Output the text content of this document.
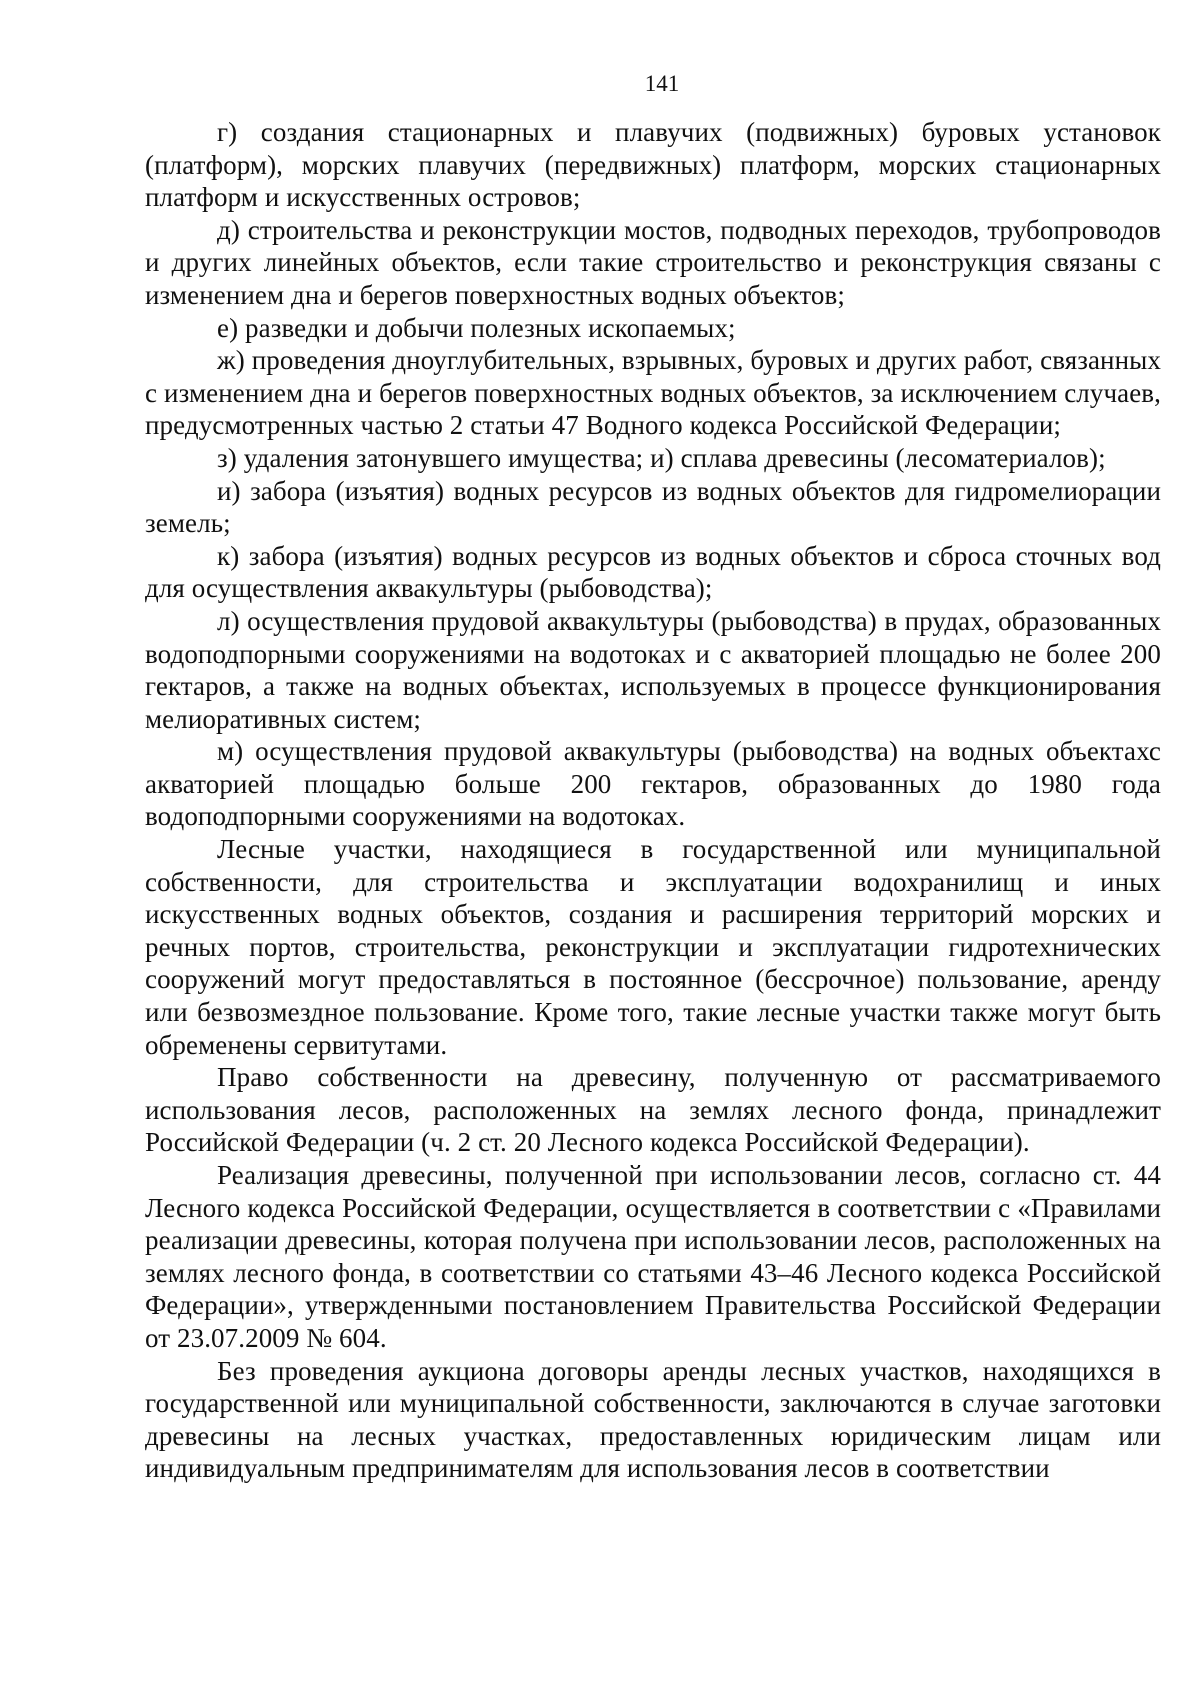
141

г) создания стационарных и плавучих (подвижных) буровых установок (платформ), морских плавучих (передвижных) платформ, морских стационарных платформ и искусственных островов;

д) строительства и реконструкции мостов, подводных переходов, трубопроводов и других линейных объектов, если такие строительство и реконструкция связаны с изменением дна и берегов поверхностных водных объектов;

е) разведки и добычи полезных ископаемых;

ж) проведения дноуглубительных, взрывных, буровых и других работ, связанных с изменением дна и берегов поверхностных водных объектов, за исключением случаев, предусмотренных частью 2 статьи 47 Водного кодекса Российской Федерации;

з) удаления затонувшего имущества; и) сплава древесины (лесоматериалов);

и) забора (изъятия) водных ресурсов из водных объектов для гидромелиорации земель;

к) забора (изъятия) водных ресурсов из водных объектов и сброса сточных вод для осуществления аквакультуры (рыбоводства);

л) осуществления прудовой аквакультуры (рыбоводства) в прудах, образованных водоподпорными сооружениями на водотоках и с акваторией площадью не более 200 гектаров, а также на водных объектах, используемых в процессе функционирования мелиоративных систем;

м) осуществления прудовой аквакультуры (рыбоводства) на водных объектахс акваторией площадью больше 200 гектаров, образованных до 1980 года водоподпорными сооружениями на водотоках.

Лесные участки, находящиеся в государственной или муниципальной собственности, для строительства и эксплуатации водохранилищ и иных искусственных водных объектов, создания и расширения территорий морских и речных портов, строительства, реконструкции и эксплуатации гидротехнических сооружений могут предоставляться в постоянное (бессрочное) пользование, аренду или безвозмездное пользование. Кроме того, такие лесные участки также могут быть обременены сервитутами.

Право собственности на древесину, полученную от рассматриваемого использования лесов, расположенных на землях лесного фонда, принадлежит Российской Федерации (ч. 2 ст. 20 Лесного кодекса Российской Федерации).

Реализация древесины, полученной при использовании лесов, согласно ст. 44 Лесного кодекса Российской Федерации, осуществляется в соответствии с «Правилами реализации древесины, которая получена при использовании лесов, расположенных на землях лесного фонда, в соответствии со статьями 43–46 Лесного кодекса Российской Федерации», утвержденными постановлением Правительства Российской Федерации от 23.07.2009 № 604.

Без проведения аукциона договоры аренды лесных участков, находящихся в государственной или муниципальной собственности, заключаются в случае заготовки древесины на лесных участках, предоставленных юридическим лицам или индивидуальным предпринимателям для использования лесов в соответствии
